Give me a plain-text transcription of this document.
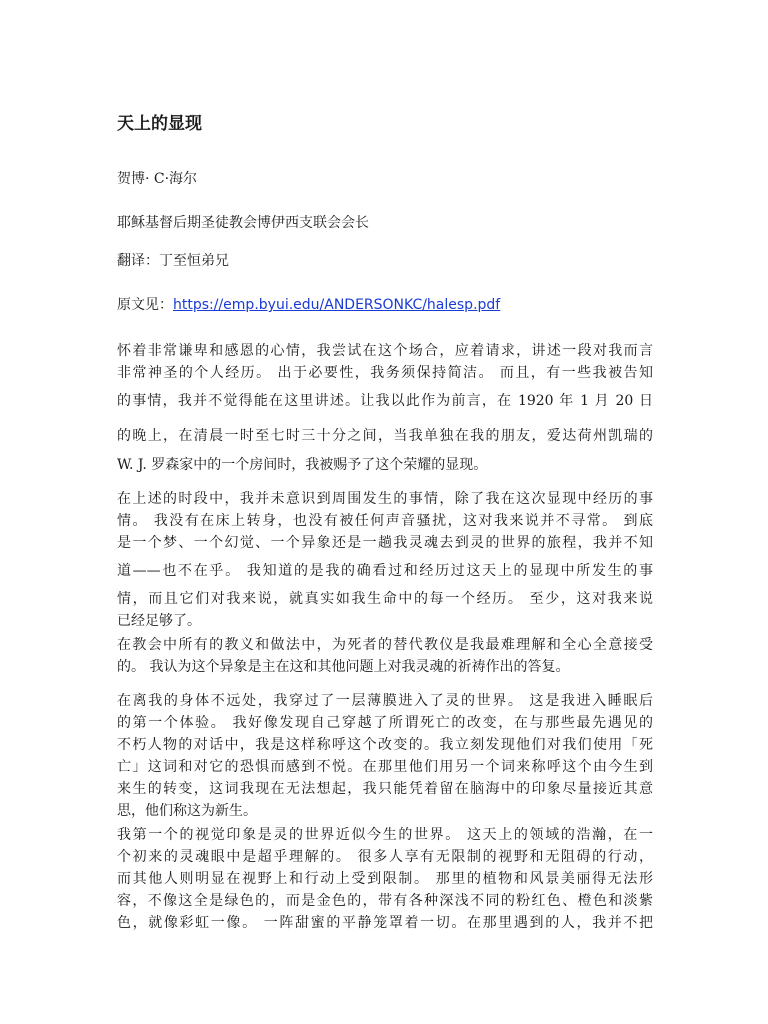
天上的显现

贺博· C·海尔

耶稣基督后期圣徒教会博伊西支联会会长

翻译：丁至恒弟兄

原文见：https://emp.byui.edu/ANDERSONKC/halesp.pdf

怀着非常谦卑和感恩的心情，我尝试在这个场合，应着请求，讲述一段对我而言
非常神圣的个人经历。 出于必要性，我务须保持简洁。 而且，有一些我被告知
的事情，我并不觉得能在这里讲述。让我以此作为前言，在 1920 年 1 月 20 日
的晚上，在清晨一时至七时三十分之间，当我单独在我的朋友，爱达荷州凯瑞的
W. J. 罗森家中的一个房间时，我被赐予了这个荣耀的显现。
在上述的时段中，我并未意识到周围发生的事情，除了我在这次显现中经历的事
情。 我没有在床上转身，也没有被任何声音骚扰，这对我来说并不寻常。 到底
是一个梦、一个幻觉、一个异象还是一趟我灵魂去到灵的世界的旅程，我并不知
道——也不在乎。 我知道的是我的确看过和经历过这天上的显现中所发生的事
情，而且它们对我来说，就真实如我生命中的每一个经历。 至少，这对我来说
已经足够了。
在教会中所有的教义和做法中，为死者的替代教仪是我最难理解和全心全意接受
的。 我认为这个异象是主在这和其他问题上对我灵魂的祈祷作出的答复。
在离我的身体不远处，我穿过了一层薄膜进入了灵的世界。 这是我进入睡眠后
的第一个体验。 我好像发现自己穿越了所谓死亡的改变，在与那些最先遇见的
不朽人物的对话中，我是这样称呼这个改变的。我立刻发现他们对我们使用「死
亡」这词和对它的恐惧而感到不悦。在那里他们用另一个词来称呼这个由今生到
来生的转变，这词我现在无法想起，我只能凭着留在脑海中的印象尽量接近其意
思，他们称这为新生。
我第一个的视觉印象是灵的世界近似今生的世界。 这天上的领域的浩瀚，在一
个初来的灵魂眼中是超乎理解的。 很多人享有无限制的视野和无阻碍的行动，
而其他人则明显在视野上和行动上受到限制。 那里的植物和风景美丽得无法形
容，不像这全是绿色的，而是金色的，带有各种深浅不同的粉红色、橙色和淡紫
色，就像彩虹一像。 一阵甜蜜的平静笼罩着一切。在那里遇到的人，我并不把
